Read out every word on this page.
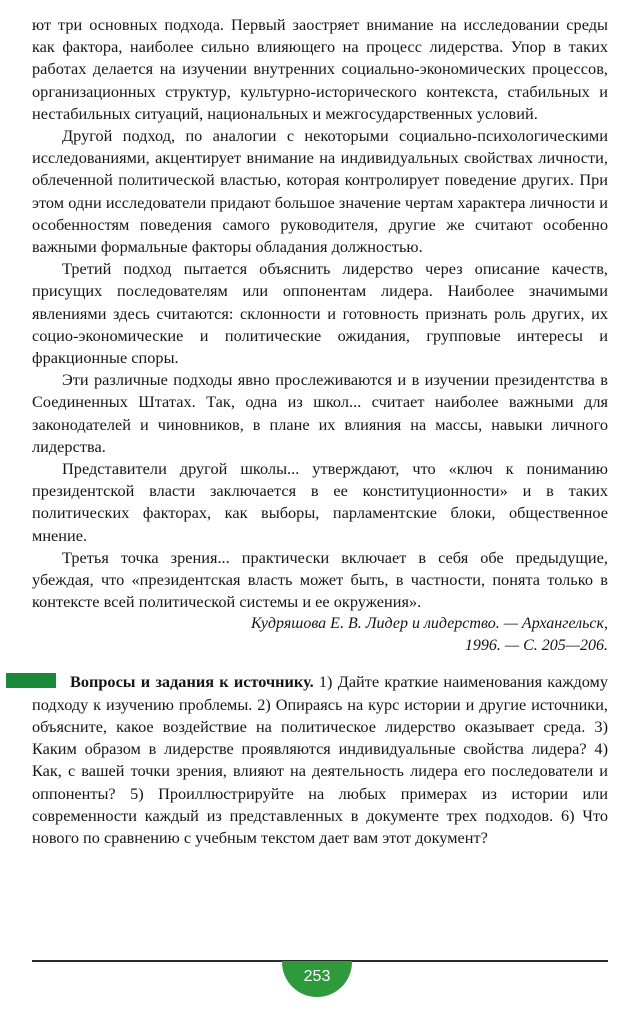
ют три основных подхода. Первый заостряет внимание на исследовании среды как фактора, наиболее сильно влияющего на процесс лидерства. Упор в таких работах делается на изучении внутренних социально-экономических процессов, организационных структур, культурно-исторического контекста, стабильных и нестабильных ситуаций, национальных и межгосударственных условий.

Другой подход, по аналогии с некоторыми социально-психологическими исследованиями, акцентирует внимание на индивидуальных свойствах личности, облеченной политической властью, которая контролирует поведение других. При этом одни исследователи придают большое значение чертам характера личности и особенностям поведения самого руководителя, другие же считают особенно важными формальные факторы обладания должностью.

Третий подход пытается объяснить лидерство через описание качеств, присущих последователям или оппонентам лидера. Наиболее значимыми явлениями здесь считаются: склонности и готовность признать роль других, их социо-экономические и политические ожидания, групповые интересы и фракционные споры.

Эти различные подходы явно прослеживаются и в изучении президентства в Соединенных Штатах. Так, одна из школ... считает наиболее важными для законодателей и чиновников, в плане их влияния на массы, навыки личного лидерства.

Представители другой школы... утверждают, что «ключ к пониманию президентской власти заключается в ее конституционности» и в таких политических факторах, как выборы, парламентские блоки, общественное мнение.

Третья точка зрения... практически включает в себя обе предыдущие, убеждая, что «президентская власть может быть, в частности, понята только в контексте всей политической системы и ее окружения».

Кудряшова Е. В. Лидер и лидерство. — Архангельск,
1996. — С. 205—206.

Вопросы и задания к источнику. 1) Дайте краткие наименования каждому подходу к изучению проблемы. 2) Опираясь на курс истории и другие источники, объясните, какое воздействие на политическое лидерство оказывает среда. 3) Каким образом в лидерстве проявляются индивидуальные свойства лидера? 4) Как, с вашей точки зрения, влияют на деятельность лидера его последователи и оппоненты? 5) Проиллюстрируйте на любых примерах из истории или современности каждый из представленных в документе трех подходов. 6) Что нового по сравнению с учебным текстом дает вам этот документ?

253
